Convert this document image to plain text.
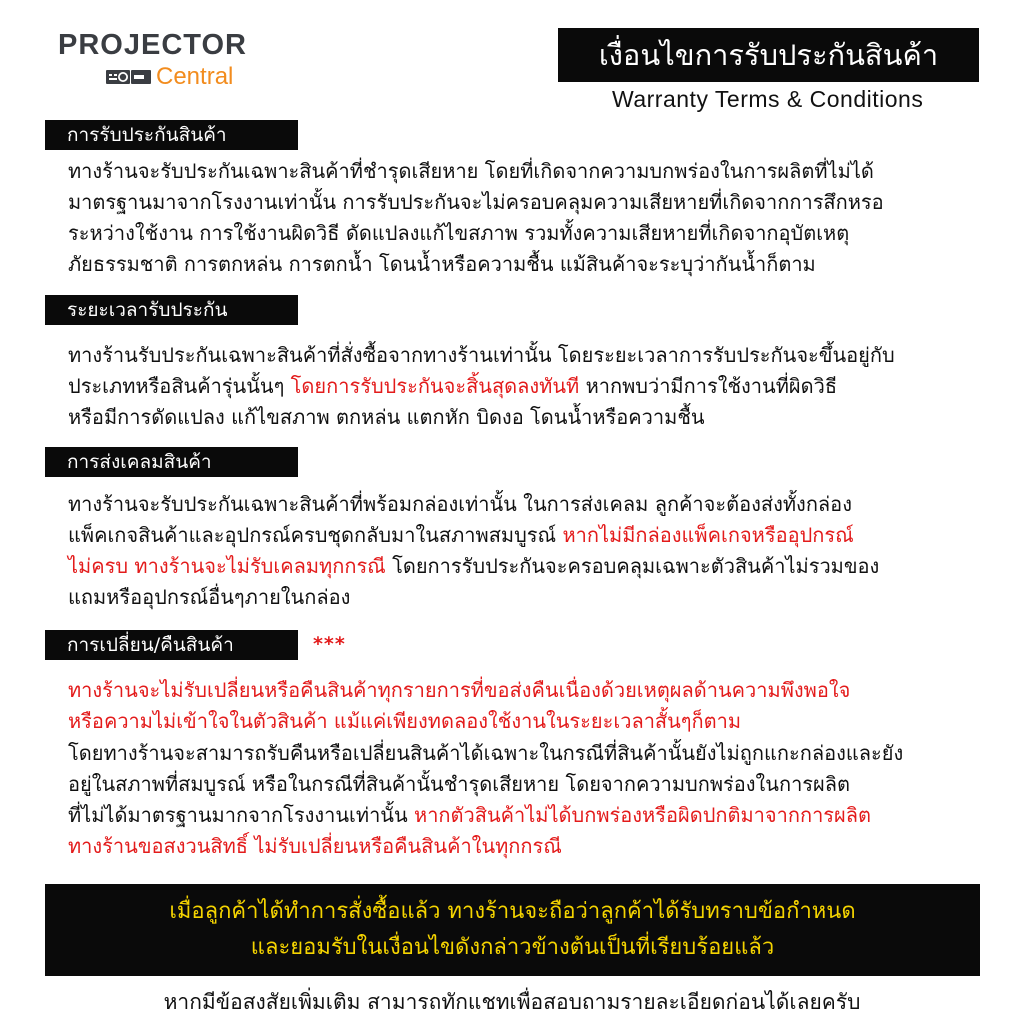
PROJECTOR
Central
เงื่อนไขการรับประกันสินค้า
Warranty Terms & Conditions
การรับประกันสินค้า
ทางร้านจะรับประกันเฉพาะสินค้าที่ชำรุดเสียหาย โดยที่เกิดจากความบกพร่องในการผลิตที่ไม่ได้
มาตรฐานมาจากโรงงานเท่านั้น การรับประกันจะไม่ครอบคลุมความเสียหายที่เกิดจากการสึกหรอ
ระหว่างใช้งาน การใช้งานผิดวิธี ดัดแปลงแก้ไขสภาพ รวมทั้งความเสียหายที่เกิดจากอุบัตเหตุ
ภัยธรรมชาติ การตกหล่น การตกน้ำ โดนน้ำหรือความชื้น แม้สินค้าจะระบุว่ากันน้ำก็ตาม
ระยะเวลารับประกัน
ทางร้านรับประกันเฉพาะสินค้าที่สั่งซื้อจากทางร้านเท่านั้น โดยระยะเวลาการรับประกันจะขึ้นอยู่กับ
ประเภทหรือสินค้ารุ่นนั้นๆ โดยการรับประกันจะสิ้นสุดลงทันที หากพบว่ามีการใช้งานที่ผิดวิธี
หรือมีการดัดแปลง แก้ไขสภาพ ตกหล่น แตกหัก บิดงอ โดนน้ำหรือความชื้น
การส่งเคลมสินค้า
ทางร้านจะรับประกันเฉพาะสินค้าที่พร้อมกล่องเท่านั้น ในการส่งเคลม ลูกค้าจะต้องส่งทั้งกล่อง
แพ็คเกจสินค้าและอุปกรณ์ครบชุดกลับมาในสภาพสมบูรณ์ หากไม่มีกล่องแพ็คเกจหรืออุปกรณ์
ไม่ครบ ทางร้านจะไม่รับเคลมทุกกรณี โดยการรับประกันจะครอบคลุมเฉพาะตัวสินค้าไม่รวมของ
แถมหรืออุปกรณ์อื่นๆภายในกล่อง
การเปลี่ยน/คืนสินค้า	***
ทางร้านจะไม่รับเปลี่ยนหรือคืนสินค้าทุกรายการที่ขอส่งคืนเนื่องด้วยเหตุผลด้านความพึงพอใจ
หรือความไม่เข้าใจในตัวสินค้า แม้แค่เพียงทดลองใช้งานในระยะเวลาสั้นๆก็ตาม
โดยทางร้านจะสามารถรับคืนหรือเปลี่ยนสินค้าได้เฉพาะในกรณีที่สินค้านั้นยังไม่ถูกแกะกล่องและยัง
อยู่ในสภาพที่สมบูรณ์ หรือในกรณีที่สินค้านั้นชำรุดเสียหาย โดยจากความบกพร่องในการผลิต
ที่ไม่ได้มาตรฐานมากจากโรงงานเท่านั้น หากตัวสินค้าไม่ได้บกพร่องหรือผิดปกติมาจากการผลิต
ทางร้านขอสงวนสิทธิ์ ไม่รับเปลี่ยนหรือคืนสินค้าในทุกกรณี
เมื่อลูกค้าได้ทำการสั่งซื้อแล้ว ทางร้านจะถือว่าลูกค้าได้รับทราบข้อกำหนด
และยอมรับในเงื่อนไขดังกล่าวข้างต้นเป็นที่เรียบร้อยแล้ว
หากมีข้อสงสัยเพิ่มเติม สามารถทักแชทเพื่อสอบถามรายละเอียดก่อนได้เลยครับ
